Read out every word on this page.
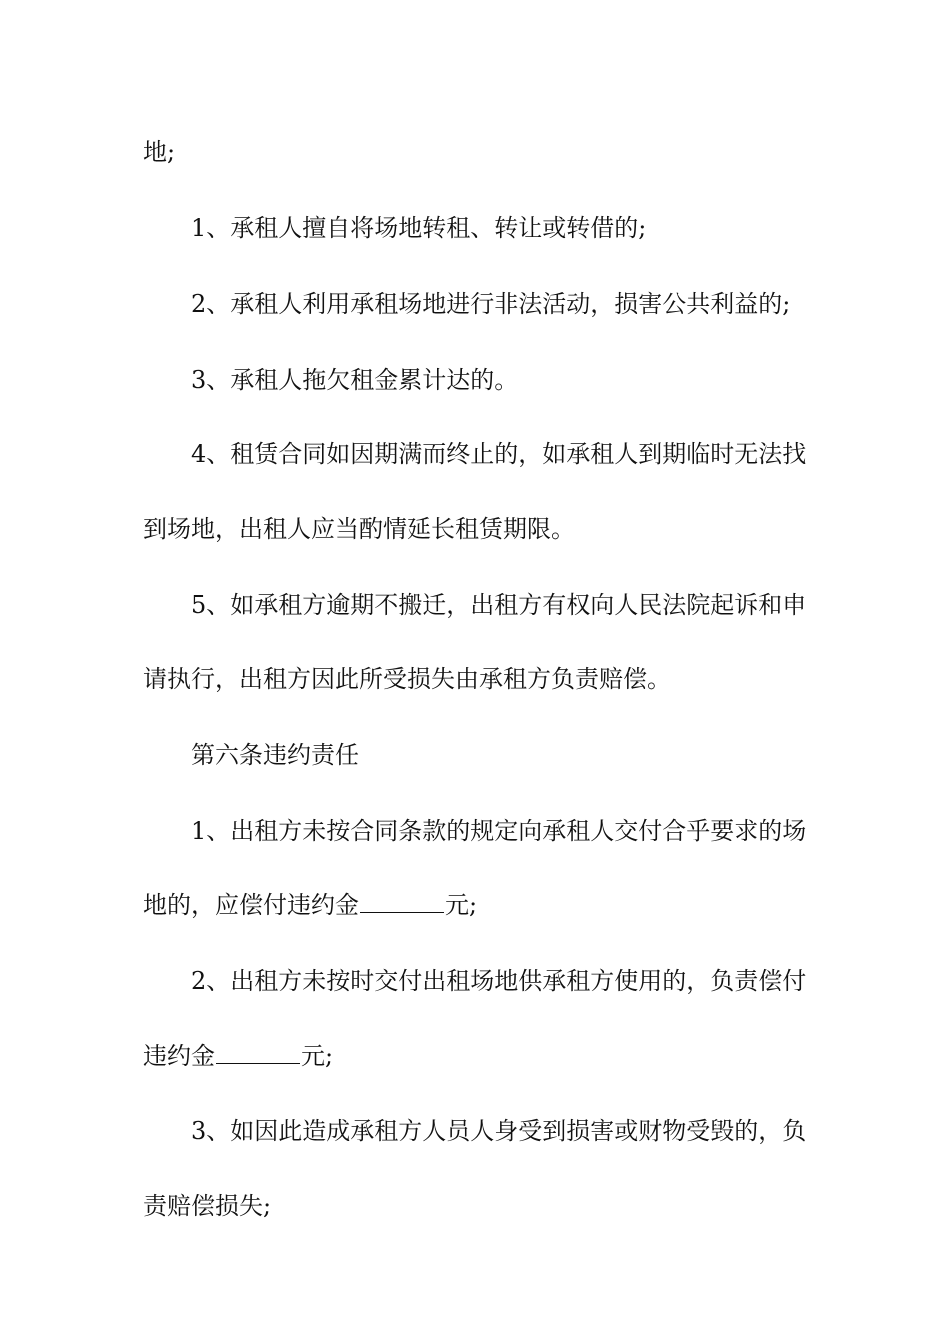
地;

1、承租人擅自将场地转租、转让或转借的;

2、承租人利用承租场地进行非法活动，损害公共利益的;

3、承租人拖欠租金累计达的。

4、租赁合同如因期满而终止的，如承租人到期临时无法找

到场地，出租人应当酌情延长租赁期限。

5、如承租方逾期不搬迁，出租方有权向人民法院起诉和申

请执行，出租方因此所受损失由承租方负责赔偿。

第六条违约责任

1、出租方未按合同条款的规定向承租人交付合乎要求的场

地的，应偿付违约金	元;

2、出租方未按时交付出租场地供承租方使用的，负责偿付

违约金	元;

3、如因此造成承租方人员人身受到损害或财物受毁的，负

责赔偿损失;
